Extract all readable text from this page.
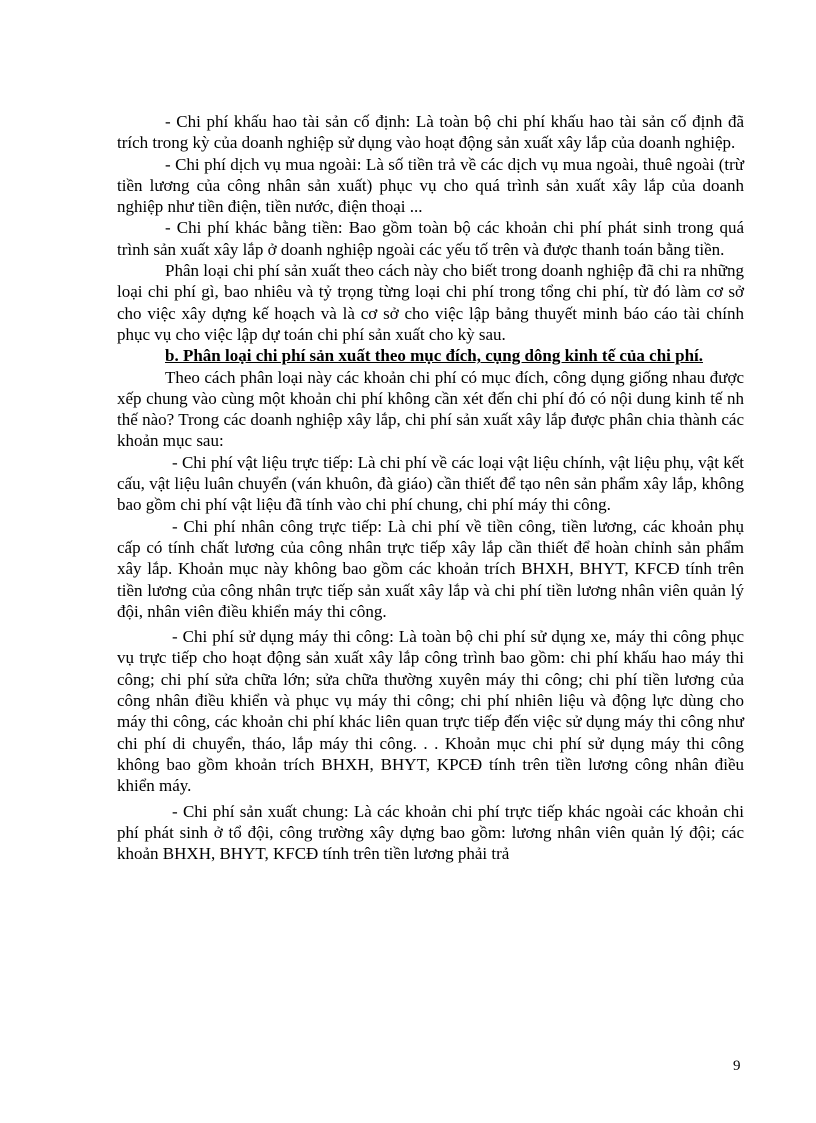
- Chi phí khấu hao tài sản cố định: Là toàn bộ chi phí khấu hao tài sản cố định đã trích trong kỳ của doanh nghiệp sử dụng vào hoạt động sản xuất xây lắp của doanh nghiệp.

- Chi phí dịch vụ mua ngoài: Là số tiền trả về các dịch vụ mua ngoài, thuê ngoài (trừ tiền lương của công nhân sản xuất) phục vụ cho quá trình sản xuất xây lắp của doanh nghiệp như tiền điện, tiền nước, điện thoại ...

- Chi phí khác bằng tiền: Bao gồm toàn bộ các khoản chi phí phát sinh trong quá trình sản xuất xây lắp ở doanh nghiệp ngoài các yếu tố trên và được thanh toán bằng tiền.

Phân loại chi phí sản xuất theo cách này cho biết trong doanh nghiệp đã chi ra những loại chi phí gì, bao nhiêu và tỷ trọng từng loại chi phí trong tổng chi phí, từ đó làm cơ sở cho việc xây dựng kế hoạch và là cơ sở cho việc lập bảng thuyết minh báo cáo tài chính phục vụ cho việc lập dự toán chi phí sản xuất cho kỳ sau.

b. Phân loại chi phí sản xuất theo mục đích, cụng dông kinh tế của chi phí.

Theo cách phân loại này các khoản chi phí có mục đích, công dụng giống nhau được xếp chung vào cùng một khoản chi phí không cần xét đến chi phí đó có nội dung kinh tế nh thế nào? Trong các doanh nghiệp xây lắp, chi phí sản xuất xây lắp được phân chia thành các khoản mục sau:

- Chi phí vật liệu trực tiếp: Là chi phí về các loại vật liệu chính, vật liệu phụ, vật kết cấu, vật liệu luân chuyển (ván khuôn, đà giáo) cần thiết để tạo nên sản phẩm xây lắp, không bao gồm chi phí vật liệu đã tính vào chi phí chung, chi phí máy thi công.

- Chi phí nhân công trực tiếp: Là chi phí về tiền công, tiền lương, các khoản phụ cấp có tính chất lương của công nhân trực tiếp xây lắp cần thiết để hoàn chỉnh sản phẩm xây lắp. Khoản mục này không bao gồm các khoản trích BHXH, BHYT, KFCĐ tính trên tiền lương của công nhân trực tiếp sản xuất xây lắp và chi phí tiền lương nhân viên quản lý đội, nhân viên điều khiển máy thi công.

- Chi phí sử dụng máy thi công: Là toàn bộ chi phí sử dụng xe, máy thi công phục vụ trực tiếp cho hoạt động sản xuất xây lắp công trình bao gồm: chi phí khấu hao máy thi công; chi phí sửa chữa lớn; sửa chữa thường xuyên máy thi công; chi phí tiền lương của công nhân điều khiển và phục vụ máy thi công; chi phí nhiên liệu và động lực dùng cho máy thi công, các khoản chi phí khác liên quan trực tiếp đến việc sử dụng máy thi công như chi phí di chuyển, tháo, lắp máy thi công. . . Khoản mục chi phí sử dụng máy thi công không bao gồm khoản trích BHXH, BHYT, KPCĐ tính trên tiền lương công nhân điều khiển máy.

- Chi phí sản xuất chung: Là các khoản chi phí trực tiếp khác ngoài các khoản chi phí phát sinh ở tổ đội, công trường xây dựng bao gồm: lương nhân viên quản lý đội; các khoản BHXH, BHYT, KFCĐ tính trên tiền lương phải trả

9
